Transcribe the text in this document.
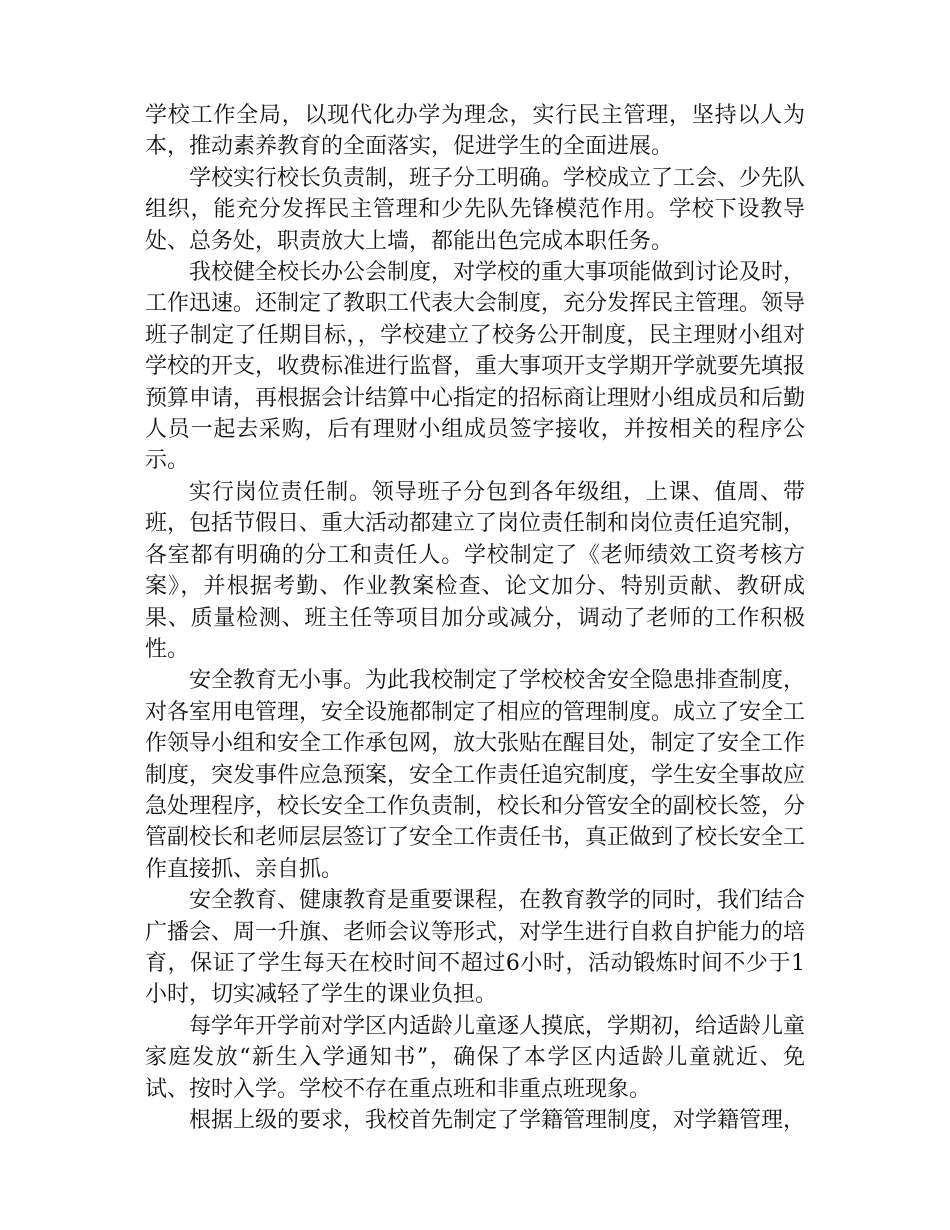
学校工作全局，以现代化办学为理念，实行民主管理，坚持以人为本，推动素养教育的全面落实，促进学生的全面进展。

学校实行校长负责制，班子分工明确。学校成立了工会、少先队组织，能充分发挥民主管理和少先队先锋模范作用。学校下设教导处、总务处，职责放大上墙，都能出色完成本职任务。

我校健全校长办公会制度，对学校的重大事项能做到讨论及时，工作迅速。还制定了教职工代表大会制度，充分发挥民主管理。领导班子制定了任期目标，，学校建立了校务公开制度，民主理财小组对学校的开支，收费标准进行监督，重大事项开支学期开学就要先填报预算申请，再根据会计结算中心指定的招标商让理财小组成员和后勤人员一起去采购，后有理财小组成员签字接收，并按相关的程序公示。

实行岗位责任制。领导班子分包到各年级组，上课、值周、带班，包括节假日、重大活动都建立了岗位责任制和岗位责任追究制，各室都有明确的分工和责任人。学校制定了《老师绩效工资考核方案》，并根据考勤、作业教案检查、论文加分、特别贡献、教研成果、质量检测、班主任等项目加分或减分，调动了老师的工作积极性。

安全教育无小事。为此我校制定了学校校舍安全隐患排查制度，对各室用电管理，安全设施都制定了相应的管理制度。成立了安全工作领导小组和安全工作承包网，放大张贴在醒目处，制定了安全工作制度，突发事件应急预案，安全工作责任追究制度，学生安全事故应急处理程序，校长安全工作负责制，校长和分管安全的副校长签，分管副校长和老师层层签订了安全工作责任书，真正做到了校长安全工作直接抓、亲自抓。

安全教育、健康教育是重要课程，在教育教学的同时，我们结合广播会、周一升旗、老师会议等形式，对学生进行自救自护能力的培育，保证了学生每天在校时间不超过6小时，活动锻炼时间不少于1小时，切实减轻了学生的课业负担。

每学年开学前对学区内适龄儿童逐人摸底，学期初，给适龄儿童家庭发放“新生入学通知书”，确保了本学区内适龄儿童就近、免试、按时入学。学校不存在重点班和非重点班现象。

根据上级的要求，我校首先制定了学籍管理制度，对学籍管理，
